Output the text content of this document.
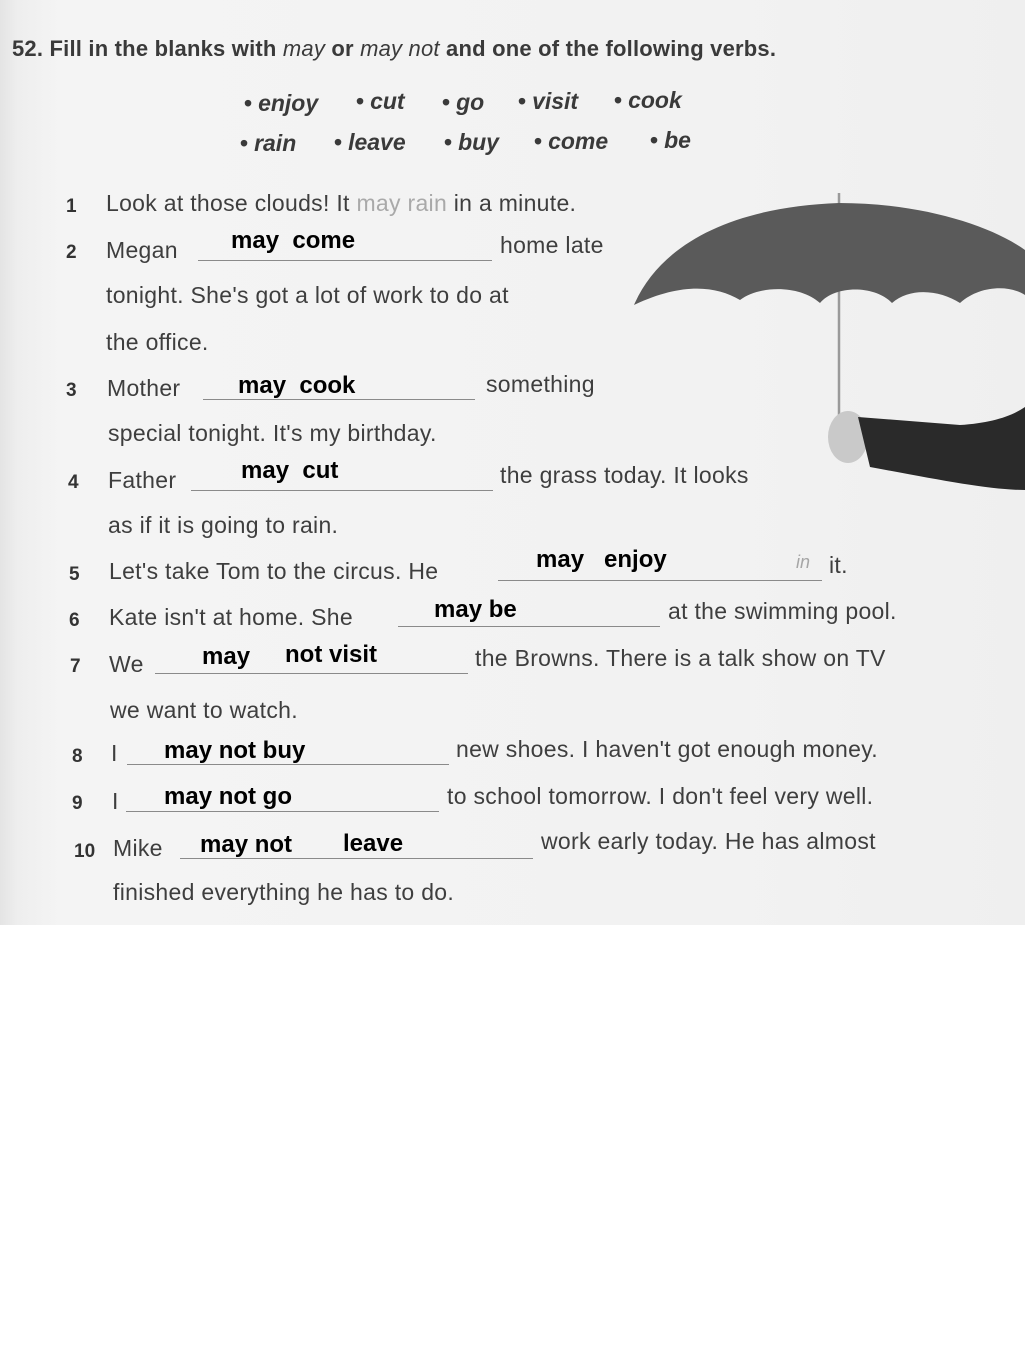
52. Fill in the blanks with may or may not and one of the following verbs.
• enjoy	• cut	• go	• visit	• cook
• rain	• leave	• buy	• come	• be
1 Look at those clouds! It may rain in a minute.
2 Megan may  come	home late
tonight. She's got a lot of work to do at
the office.
3 Mother may  cook	something
special tonight. It's my birthday.
4 Father	may  cut	the grass today. It looks
as if it is going to rain.
5 Let's take Tom to the circus. He	may   enjoy	in it.
6 Kate isn't at home. She	may be	at the swimming pool.
7 We may not visit	the Browns. There is a talk show on TV
we want to watch.
8 I may not buy	new shoes. I haven't got enough money.
9 I may not go	to school tomorrow. I don't feel very well.
10 Mike may not leave	work early today. He has almost
finished everything he has to do.
